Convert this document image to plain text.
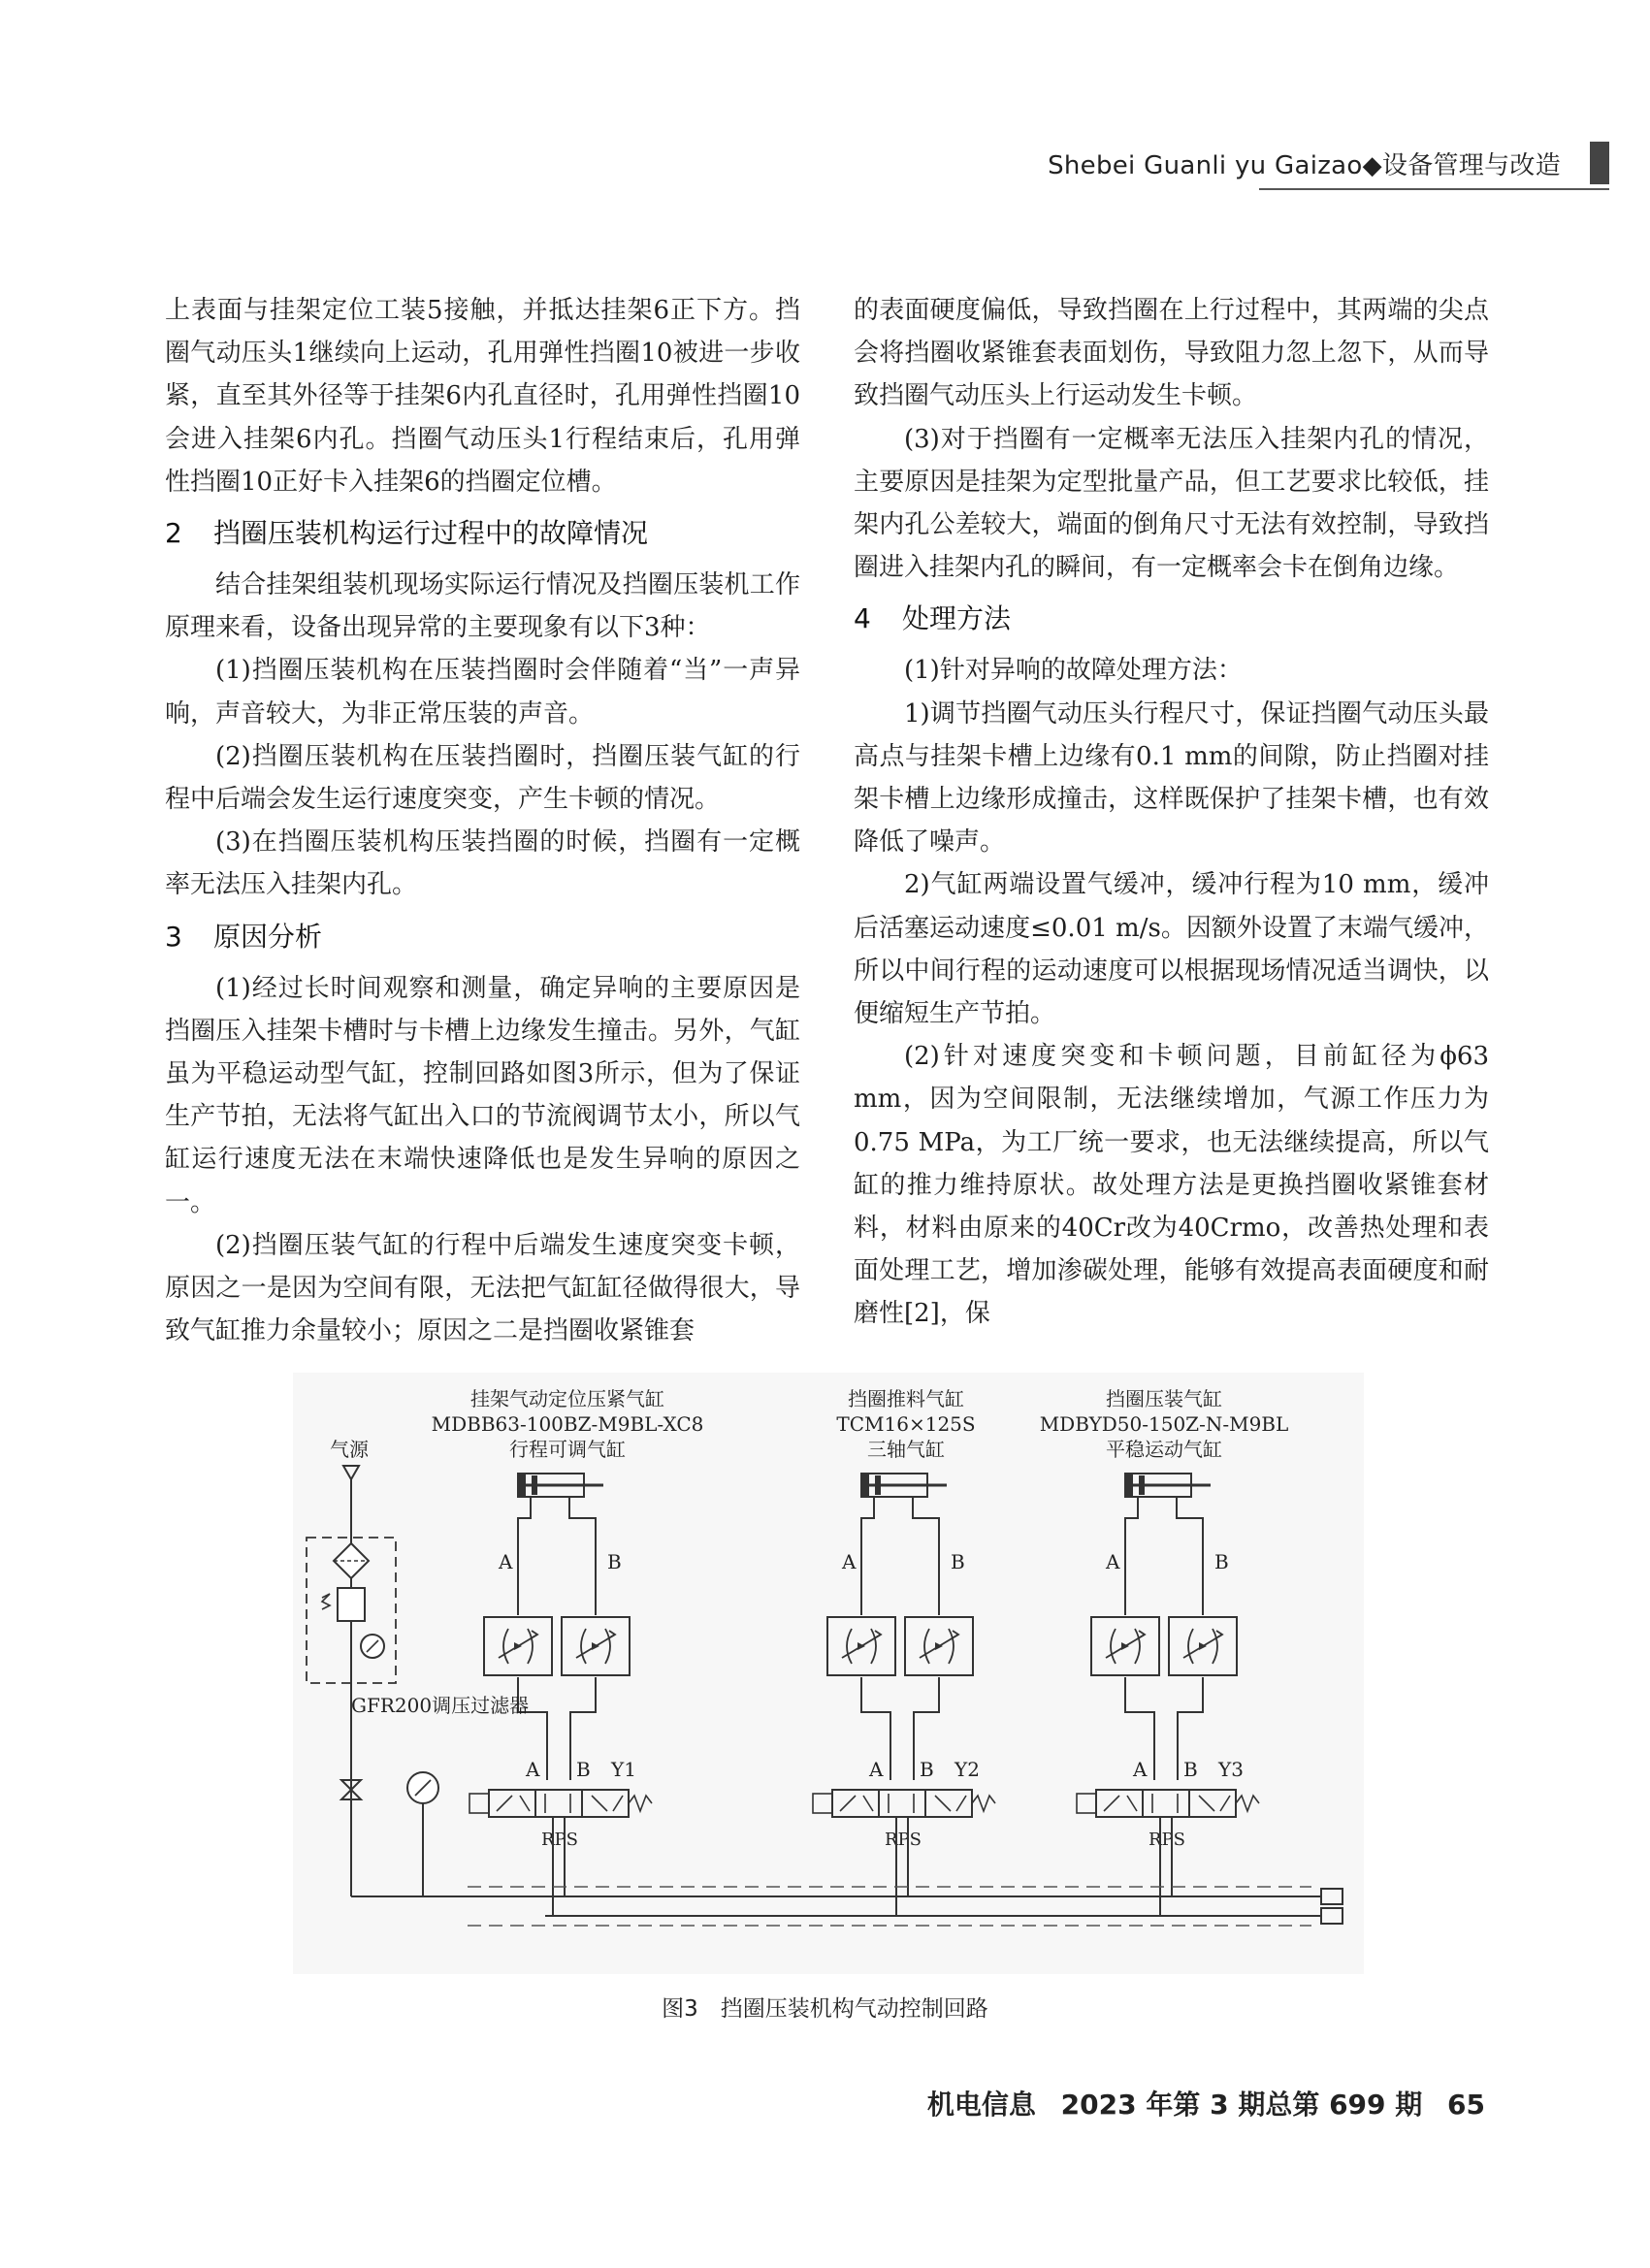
Shebei Guanli yu Gaizao◆设备管理与改造

上表面与挂架定位工装5接触，并抵达挂架6正下方。挡圈气动压头1继续向上运动，孔用弹性挡圈10被进一步收紧，直至其外径等于挂架6内孔直径时，孔用弹性挡圈10会进入挂架6内孔。挡圈气动压头1行程结束后，孔用弹性挡圈10正好卡入挂架6的挡圈定位槽。

2 挡圈压装机构运行过程中的故障情况

结合挂架组装机现场实际运行情况及挡圈压装机工作原理来看，设备出现异常的主要现象有以下3种：

(1)挡圈压装机构在压装挡圈时会伴随着“当”一声异响，声音较大，为非正常压装的声音。

(2)挡圈压装机构在压装挡圈时，挡圈压装气缸的行程中后端会发生运行速度突变，产生卡顿的情况。

(3)在挡圈压装机构压装挡圈的时候，挡圈有一定概率无法压入挂架内孔。

3 原因分析

(1)经过长时间观察和测量，确定异响的主要原因是挡圈压入挂架卡槽时与卡槽上边缘发生撞击。另外，气缸虽为平稳运动型气缸，控制回路如图3所示，但为了保证生产节拍，无法将气缸出入口的节流阀调节太小，所以气缸运行速度无法在末端快速降低也是发生异响的原因之一。

(2)挡圈压装气缸的行程中后端发生速度突变卡顿，原因之一是因为空间有限，无法把气缸缸径做得很大，导致气缸推力余量较小；原因之二是挡圈收紧锥套

的表面硬度偏低，导致挡圈在上行过程中，其两端的尖点会将挡圈收紧锥套表面划伤，导致阻力忽上忽下，从而导致挡圈气动压头上行运动发生卡顿。

(3)对于挡圈有一定概率无法压入挂架内孔的情况，主要原因是挂架为定型批量产品，但工艺要求比较低，挂架内孔公差较大，端面的倒角尺寸无法有效控制，导致挡圈进入挂架内孔的瞬间，有一定概率会卡在倒角边缘。

4 处理方法

(1)针对异响的故障处理方法：

1)调节挡圈气动压头行程尺寸，保证挡圈气动压头最高点与挂架卡槽上边缘有0.1 mm的间隙，防止挡圈对挂架卡槽上边缘形成撞击，这样既保护了挂架卡槽，也有效降低了噪声。

2)气缸两端设置气缓冲，缓冲行程为10 mm，缓冲后活塞运动速度≤0.01 m/s。因额外设置了末端气缓冲，所以中间行程的运动速度可以根据现场情况适当调快，以便缩短生产节拍。

(2)针对速度突变和卡顿问题，目前缸径为ϕ63 mm，因为空间限制，无法继续增加，气源工作压力为0.75 MPa，为工厂统一要求，也无法继续提高，所以气缸的推力维持原状。故处理方法是更换挡圈收紧锥套材料，材料由原来的40Cr改为40Crmo，改善热处理和表面处理工艺，增加渗碳处理，能够有效提高表面硬度和耐磨性[2]，保

挂架气动定位压紧气缸
MDBB63-100BZ-M9BL-XC8
行程可调气缸
挡圈推料气缸
TCM16×125S
三轴气缸
挡圈压装气缸
MDBYD50-150Z-N-M9BL
平稳运动气缸
A	B	A	B	A	B
A B Y1	A B Y2	A B Y3
RPS	RPS	RPS
气源
GFR200调压过滤器
图3　挡圈压装机构气动控制回路
机电信息 2023 年第 3 期总第 699 期 65
